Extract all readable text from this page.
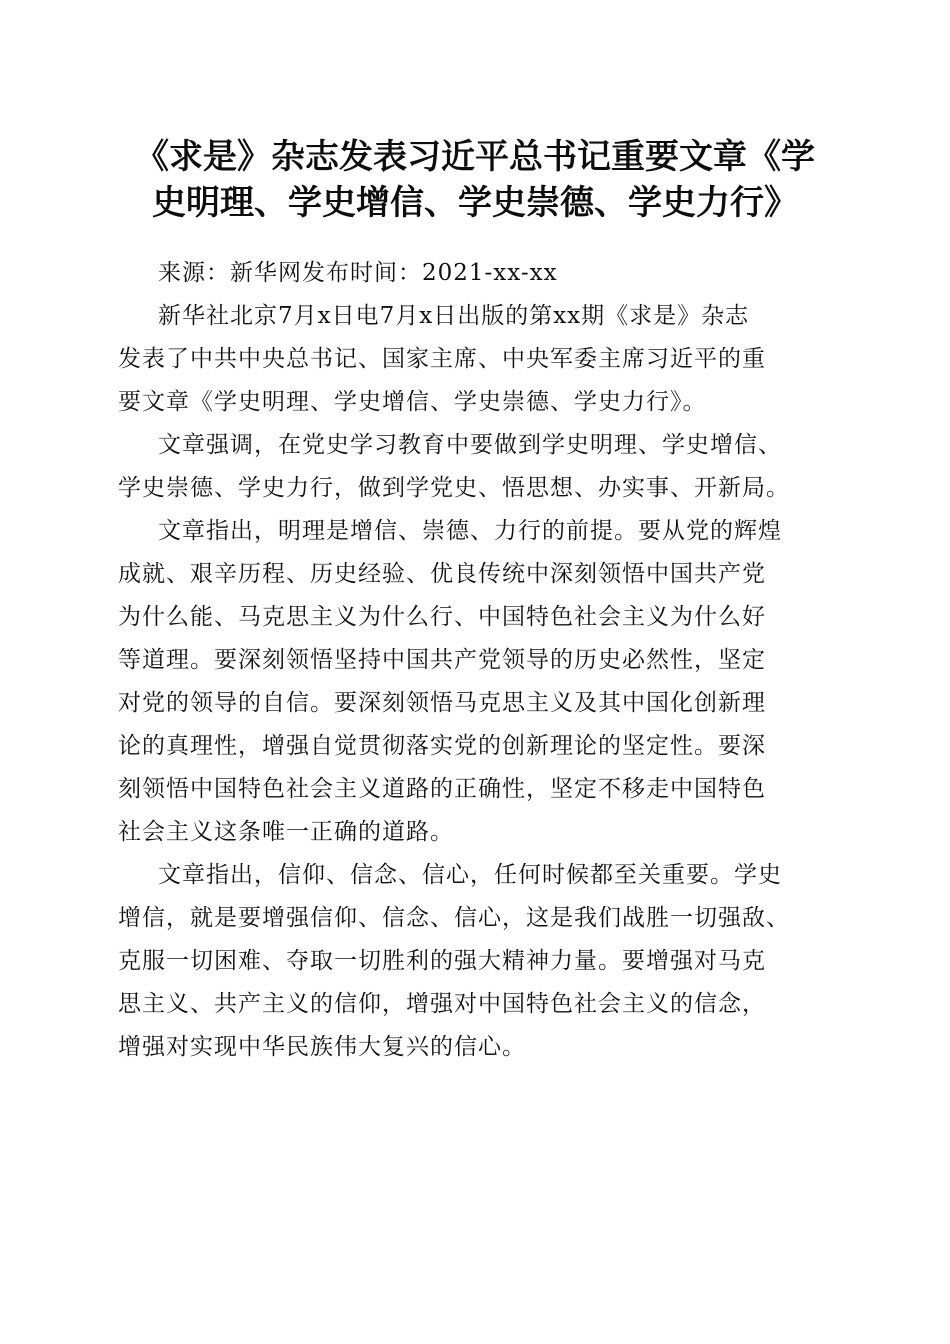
《求是》杂志发表习近平总书记重要文章《学
史明理、学史增信、学史崇德、学史力行》

来源：新华网发布时间：2021-xx-xx

新华社北京7月x日电7月x日出版的第xx期《求是》杂志
发表了中共中央总书记、国家主席、中央军委主席习近平的重
要文章《学史明理、学史增信、学史崇德、学史力行》。

文章强调，在党史学习教育中要做到学史明理、学史增信、
学史崇德、学史力行，做到学党史、悟思想、办实事、开新局。

文章指出，明理是增信、崇德、力行的前提。要从党的辉煌
成就、艰辛历程、历史经验、优良传统中深刻领悟中国共产党
为什么能、马克思主义为什么行、中国特色社会主义为什么好
等道理。要深刻领悟坚持中国共产党领导的历史必然性，坚定
对党的领导的自信。要深刻领悟马克思主义及其中国化创新理
论的真理性，增强自觉贯彻落实党的创新理论的坚定性。要深
刻领悟中国特色社会主义道路的正确性，坚定不移走中国特色
社会主义这条唯一正确的道路。

文章指出，信仰、信念、信心，任何时候都至关重要。学史
增信，就是要增强信仰、信念、信心，这是我们战胜一切强敌、
克服一切困难、夺取一切胜利的强大精神力量。要增强对马克
思主义、共产主义的信仰，增强对中国特色社会主义的信念，
增强对实现中华民族伟大复兴的信心。
